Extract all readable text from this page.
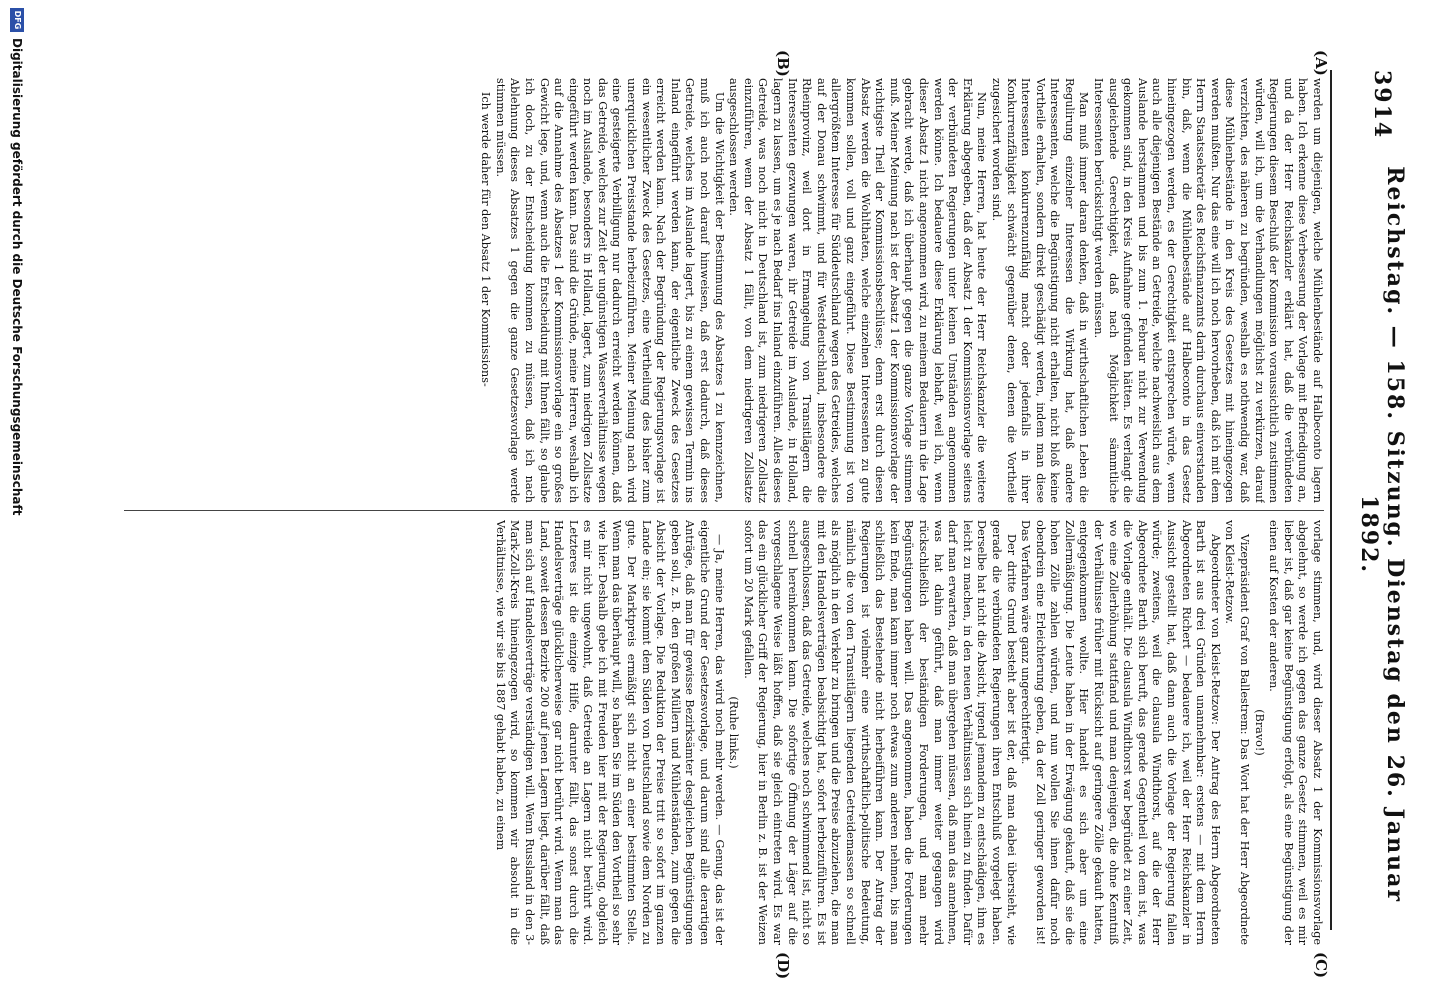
3914
Reichstag. — 158. Sitzung. Dienstag den 26. Januar 1892.
(A)
(B)
(C)
(D)

werden um diejenigen, welche Mühlenbestände auf Halbeconto lagern haben. Ich erkenne diese Verbesserung der Vorlage mit Befriedigung an, und da der Herr Reichskanzler erklärt hat, daß die verbündeten Regierungen diesem Beschluß der Kommission voraussichtlich zustimmen würden, will ich, um die Verhandlungen möglichst zu verkürzen, darauf verzichten, des näheren zu begründen, weshalb es nothwendig war, daß diese Mühlenbestände in den Kreis des Gesetzes mit hineingezogen werden mußten. Nur das eine will ich noch hervorheben, daß ich mit dem Herrn Staatssekretär des Reichsfinanzamts darin durchaus einverstanden bin, daß, wenn die Mühlenbestände auf Halbeconto in das Gesetz hineingezogen werden, es der Gerechtigkeit entsprechen würde, wenn auch alle diejenigen Bestände an Getreide, welche nachweislich aus dem Auslande herstammen und bis zum 1. Februar nicht zur Verwendung gekommen sind, in den Kreis Aufnahme gefunden hätten. Es verlangt die ausgleichende Gerechtigkeit, daß nach Möglichkeit sämmtliche Interessenten berücksichtigt werden müssen.

Man muß immer daran denken, daß in wirthschaftlichen Leben die Regulirung einzelner Interessen die Wirkung hat, daß andere Interessenten, welche die Begünstigung nicht erhalten, nicht bloß keine Vortheile erhalten, sondern direkt geschädigt werden, indem man diese Interessenten konkurrenzunfähig macht oder jedenfalls in ihrer Konkurrenzfähigkeit schwächt gegenüber denen, denen die Vortheile zugesichert worden sind.

Nun, meine Herren, hat heute der Herr Reichskanzler die weitere Erklärung abgegeben, daß der Absatz 1 der Kommissionsvorlage seitens der verbündeten Regierungen unter keinen Umständen angenommen werden könne. Ich bedauere diese Erklärung lebhaft, weil ich, wenn dieser Absatz 1 nicht angenommen wird, zu meinem Bedauern in die Lage gebracht werde, daß ich überhaupt gegen die ganze Vorlage stimmen muß. Meiner Meinung nach ist der Absatz 1 der Kommissionsvorlage der wichtigste Theil der Kommissionsbeschlüsse; denn erst durch diesen Absatz werden die Wohlthaten, welche einzelnen Interessenten zu gute kommen sollen, voll und ganz eingeführt. Diese Bestimmung ist von allergrößtem Interesse für Süddeutschland wegen des Getreides, welches auf der Donau schwimmt, und für Westdeutschland, insbesondere die Rheinprovinz, weil dort in Ermangelung von Transitlägern die Interessenten gezwungen waren, ihr Getreide im Auslande, in Holland, lagern zu lassen, um es je nach Bedarf ins Inland einzuführen. Alles dieses Getreide, was noch nicht in Deutschland ist, zum niedrigeren Zollsatz einzuführen, wenn der Absatz 1 fällt, von dem niedrigeren Zollsatze ausgeschlossen werden.

Um die Wichtigkeit der Bestimmung des Absatzes 1 zu kennzeichnen, muß ich auch noch darauf hinweisen, daß erst dadurch, daß dieses Getreide, welches im Auslande lagert, bis zu einem gewissen Termin ins Inland eingeführt werden kann, der eigentliche Zweck des Gesetzes erreicht werden kann. Nach der Begründung der Regierungsvorlage ist ein wesentlicher Zweck des Gesetzes, eine Vertheilung des bisher zum unerquicklichen Preisstande herbeizuführen. Meiner Meinung nach wird eine gesteigerte Verbilligung nur dadurch erreicht werden können, daß das Getreide, welches zur Zeit der ungünstigen Wasserverhältnisse wegen noch im Auslande, besonders in Holland, lagert, zum niedrigen Zollsatze eingeführt werden kann. Das sind die Gründe, meine Herren, weshalb ich auf die Annahme des Absatzes 1 der Kommissionsvorlage ein so großes Gewicht lege, und, wenn auch die Entscheidung mit Ihnen fällt, so glaube ich doch, zu der Entscheidung kommen zu müssen, daß ich nach Ablehnung dieses Absatzes 1 gegen die ganze Gesetzesvorlage werde stimmen müssen.

Ich werde daher für den Absatz 1 der Kommissions-

vorlage stimmen, und, wird dieser Absatz 1 der Kommissionsvorlage abgelehnt, so werde ich gegen das ganze Gesetz stimmen, weil es mir lieber ist, daß gar keine Begünstigung erfolgt, als eine Begünstigung der einen auf Kosten der anderen.

(Bravo!)

Vizepräsident Graf von Ballestrem: Das Wort hat der Herr Abgeordnete von Kleist-Retzow.

Abgeordneter von Kleist-Retzow: Der Antrag des Herrn Abgeordneten Barth ist aus drei Gründen unannehmbar: erstens — mit dem Herrn Abgeordneten Richert — bedauere ich, weil der Herr Reichskanzler in Aussicht gestellt hat, daß dann auch die Vorlage der Regierung fallen würde; zweitens, weil die clausula Windthorst, auf die der Herr Abgeordnete Barth sich beruft, das gerade Gegentheil von dem ist, was die Vorlage enthält. Die clausula Windthorst war begründet zu einer Zeit, wo eine Zollerhöhung stattfand und man denjenigen, die ohne Kenntniß der Verhältnisse früher mit Rücksicht auf geringere Zölle gekauft hatten, entgegenkommen wollte. Hier handelt es sich aber um eine Zollermäßigung. Die Leute haben in der Erwägung gekauft, daß sie die hohen Zölle zahlen würden, und nun wollen Sie ihnen dafür noch obendrein eine Erleichterung geben, da der Zoll geringer geworden ist! Das Verfahren wäre ganz ungerechtfertigt.

Der dritte Grund besteht aber ist der, daß man dabei übersieht, wie gerade die verbündeten Regierungen ihren Entschluß vorgelegt haben. Derselbe hat nicht die Absicht, irgend jemandem zu entschädigen, ihm es leicht zu machen, in den neuen Verhältnissen sich hinein zu finden. Dafür darf man erwarten, daß man übergehen müssen, daß man das annehmen, was hat dahin geführt, daß man immer weiter gegangen wird rückschließlich der beständigen Forderungen, und man mehr Begünstigungen haben will. Das angenommen, haben die Forderungen kein Ende, man kann immer noch etwas zum anderen nehmen, bis man schließlich das Bestehende nicht herbeiführen kann. Der Antrag der Regierungen ist vielmehr eine wirthschaftlich-politische Bedeutung, nämlich die von den Transitlägern liegenden Getreidemassen so schnell als möglich in den Verkehr zu bringen und die Preise abzuziehen, die man mit den Handelsverträgen beabsichtigt hat, sofort herbeizuführen. Es ist ausgeschlossen, daß das Getreide, welches noch schwimmend ist, nicht so schnell hereinkommen kann. Die sofortige Öffnung der Läger auf die vorgeschlagene Weise läßt hoffen, daß sie gleich eintreten wird. Es war das ein glücklicher Griff der Regierung, hier in Berlin z. B. ist der Weizen sofort um 20 Mark gefallen.

(Ruhe links.)

— Ja, meine Herren, das wird noch mehr werden. — Genug, das ist der eigentliche Grund der Gesetzesvorlage, und darum sind alle derartigen Anträge, daß man für gewisse Bezirksämter desgleichen Begünstigungen geben soll, z. B. den großen Müllern und Mühlenständen, zum gegen die Absicht der Vorlage. Die Reduktion der Preise tritt so sofort im ganzen Lande ein; sie kommt dem Süden von Deutschland sowie dem Norden zu gute. Der Marktpreis ermäßigt sich nicht an einer bestimmten Stelle. Wenn man das überhaupt will, so haben Sie im Süden den Vortheil so sehr wie hier. Deshalb gebe ich mit Freuden hier mit der Regierung, obgleich es mir nicht ungewohnt, daß Getreide an Lagern nicht berührt wird. Letzteres ist die einzige Hilfe, darunter fällt, das sonst durch die Handelsverträge glücklicherweise gar nicht berührt wird. Wenn man das Land, soweit dessen Bezirke 200 auf jenen Lagern liegt, darüber fällt, daß man sich auf Handelsverträge verständigen will. Wenn Russland in den 3-Mark-Zoll-Kreis hineingezogen wird, so kommen wir absolut in die Verhältnisse, wie wir sie bis 1887 gehabt haben, zu einem

DFG
Digitalisierung gefördert durch die Deutsche Forschungsgemeinschaft
